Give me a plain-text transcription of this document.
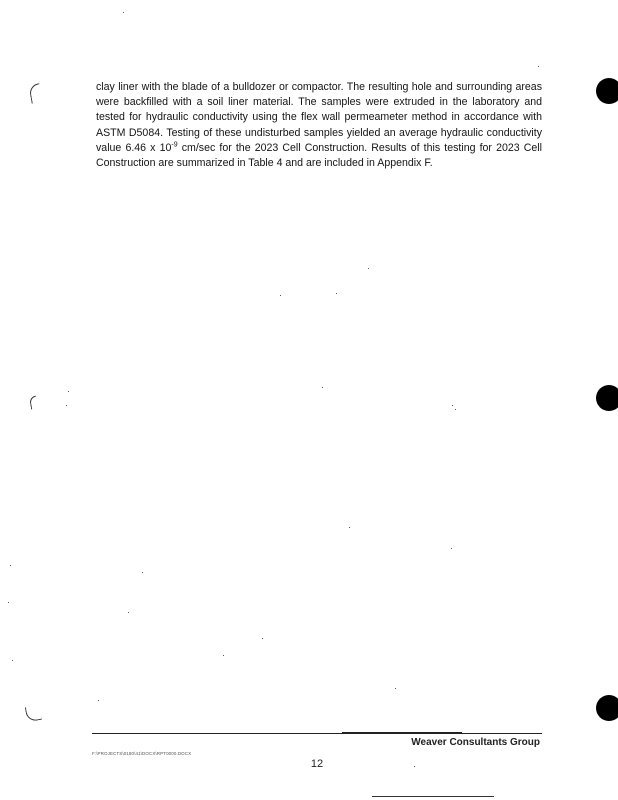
clay liner with the blade of a bulldozer or compactor. The resulting hole and surrounding areas were backfilled with a soil liner material. The samples were extruded in the laboratory and tested for hydraulic conductivity using the flex wall permeameter method in accordance with ASTM D5084. Testing of these undisturbed samples yielded an average hydraulic conductivity value 6.46 x $10^{-9}$ cm/sec for the 2023 Cell Construction. Results of this testing for 2023 Cell Construction are summarized in Table 4 and are included in Appendix F.

Weaver Consultants Group
F:\PROJECTS\0180\41\DOCX\RPT0000.DOCX
12
